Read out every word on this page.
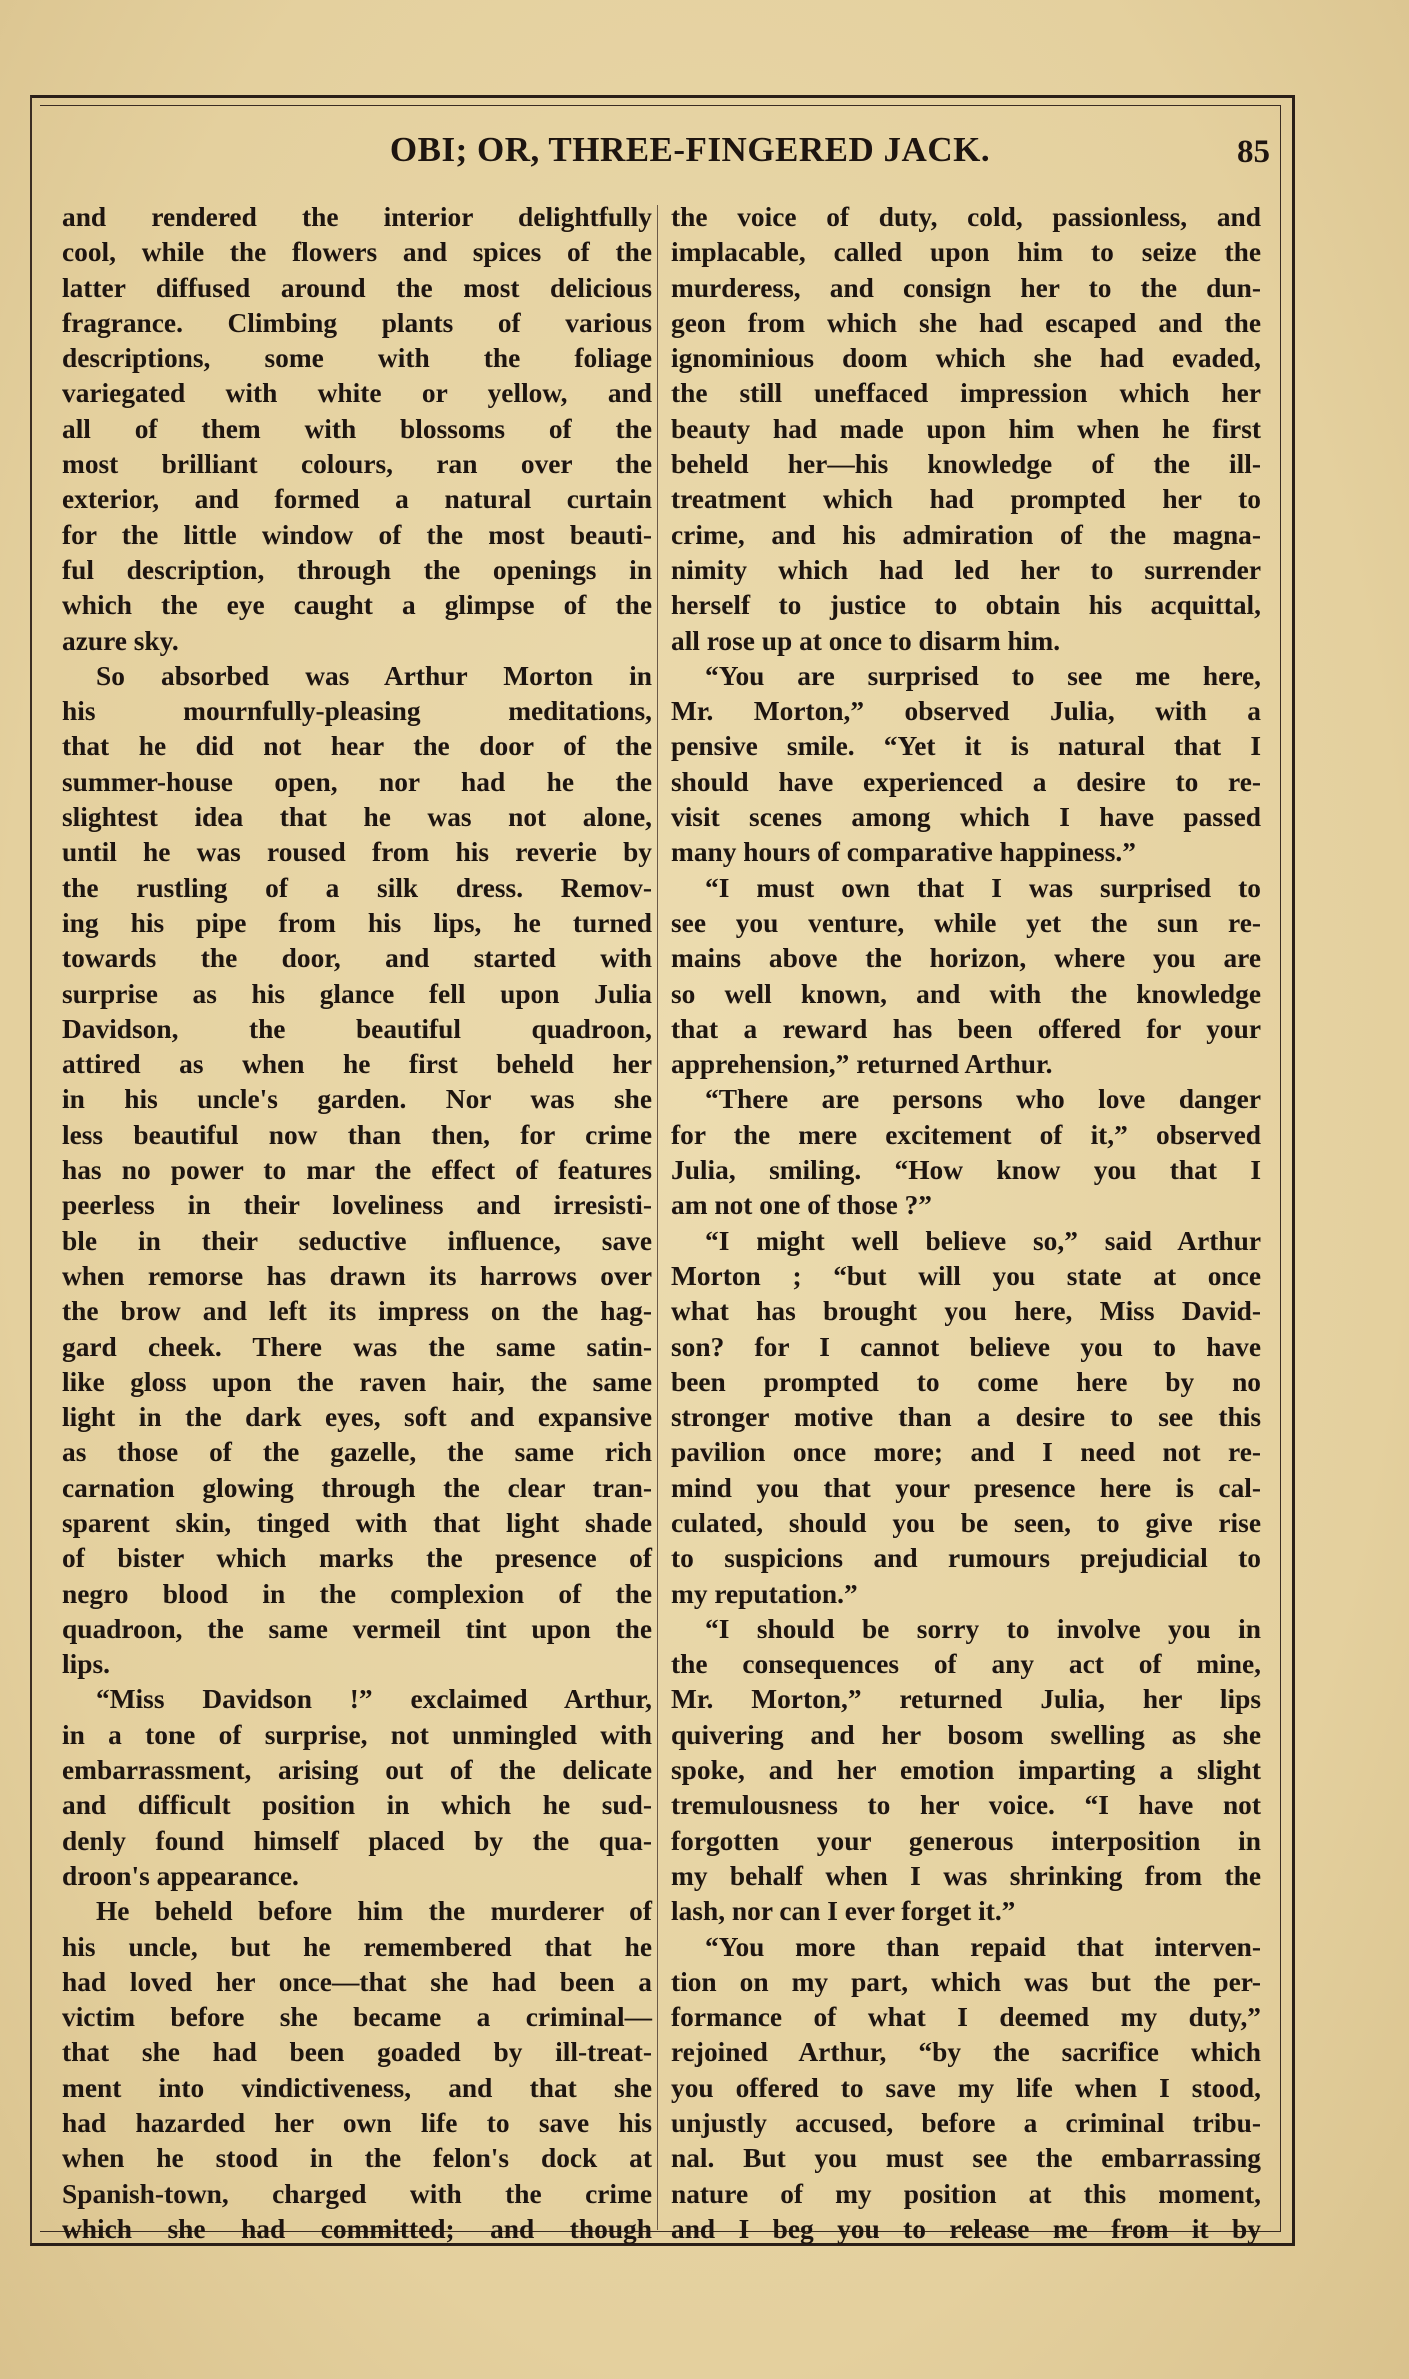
OBI; OR, THREE-FINGERED JACK.	85
and rendered the interior delightfully
cool, while the flowers and spices of the
latter diffused around the most delicious
fragrance. Climbing plants of various
descriptions, some with the foliage
variegated with white or yellow, and
all of them with blossoms of the
most brilliant colours, ran over the
exterior, and formed a natural curtain
for the little window of the most beauti-
ful description, through the openings in
which the eye caught a glimpse of the
azure sky.
So absorbed was Arthur Morton in
his mournfully-pleasing meditations,
that he did not hear the door of the
summer-house open, nor had he the
slightest idea that he was not alone,
until he was roused from his reverie by
the rustling of a silk dress. Remov-
ing his pipe from his lips, he turned
towards the door, and started with
surprise as his glance fell upon Julia
Davidson, the beautiful quadroon,
attired as when he first beheld her
in his uncle's garden. Nor was she
less beautiful now than then, for crime
has no power to mar the effect of features
peerless in their loveliness and irresisti-
ble in their seductive influence, save
when remorse has drawn its harrows over
the brow and left its impress on the hag-
gard cheek. There was the same satin-
like gloss upon the raven hair, the same
light in the dark eyes, soft and expansive
as those of the gazelle, the same rich
carnation glowing through the clear tran-
sparent skin, tinged with that light shade
of bister which marks the presence of
negro blood in the complexion of the
quadroon, the same vermeil tint upon the
lips.
“Miss Davidson !” exclaimed Arthur,
in a tone of surprise, not unmingled with
embarrassment, arising out of the delicate
and difficult position in which he sud-
denly found himself placed by the qua-
droon's appearance.
He beheld before him the murderer of
his uncle, but he remembered that he
had loved her once—that she had been a
victim before she became a criminal—
that she had been goaded by ill-treat-
ment into vindictiveness, and that she
had hazarded her own life to save his
when he stood in the felon's dock at
Spanish-town, charged with the crime
which she had committed; and though
the voice of duty, cold, passionless, and
implacable, called upon him to seize the
murderess, and consign her to the dun-
geon from which she had escaped and the
ignominious doom which she had evaded,
the still uneffaced impression which her
beauty had made upon him when he first
beheld her—his knowledge of the ill-
treatment which had prompted her to
crime, and his admiration of the magna-
nimity which had led her to surrender
herself to justice to obtain his acquittal,
all rose up at once to disarm him.
“You are surprised to see me here,
Mr. Morton,” observed Julia, with a
pensive smile. “Yet it is natural that I
should have experienced a desire to re-
visit scenes among which I have passed
many hours of comparative happiness.”
“I must own that I was surprised to
see you venture, while yet the sun re-
mains above the horizon, where you are
so well known, and with the knowledge
that a reward has been offered for your
apprehension,” returned Arthur.
“There are persons who love danger
for the mere excitement of it,” observed
Julia, smiling. “How know you that I
am not one of those ?”
“I might well believe so,” said Arthur
Morton ; “but will you state at once
what has brought you here, Miss David-
son? for I cannot believe you to have
been prompted to come here by no
stronger motive than a desire to see this
pavilion once more; and I need not re-
mind you that your presence here is cal-
culated, should you be seen, to give rise
to suspicions and rumours prejudicial to
my reputation.”
“I should be sorry to involve you in
the consequences of any act of mine,
Mr. Morton,” returned Julia, her lips
quivering and her bosom swelling as she
spoke, and her emotion imparting a slight
tremulousness to her voice. “I have not
forgotten your generous interposition in
my behalf when I was shrinking from the
lash, nor can I ever forget it.”
“You more than repaid that interven-
tion on my part, which was but the per-
formance of what I deemed my duty,”
rejoined Arthur, “by the sacrifice which
you offered to save my life when I stood,
unjustly accused, before a criminal tribu-
nal. But you must see the embarrassing
nature of my position at this moment,
and I beg you to release me from it by
